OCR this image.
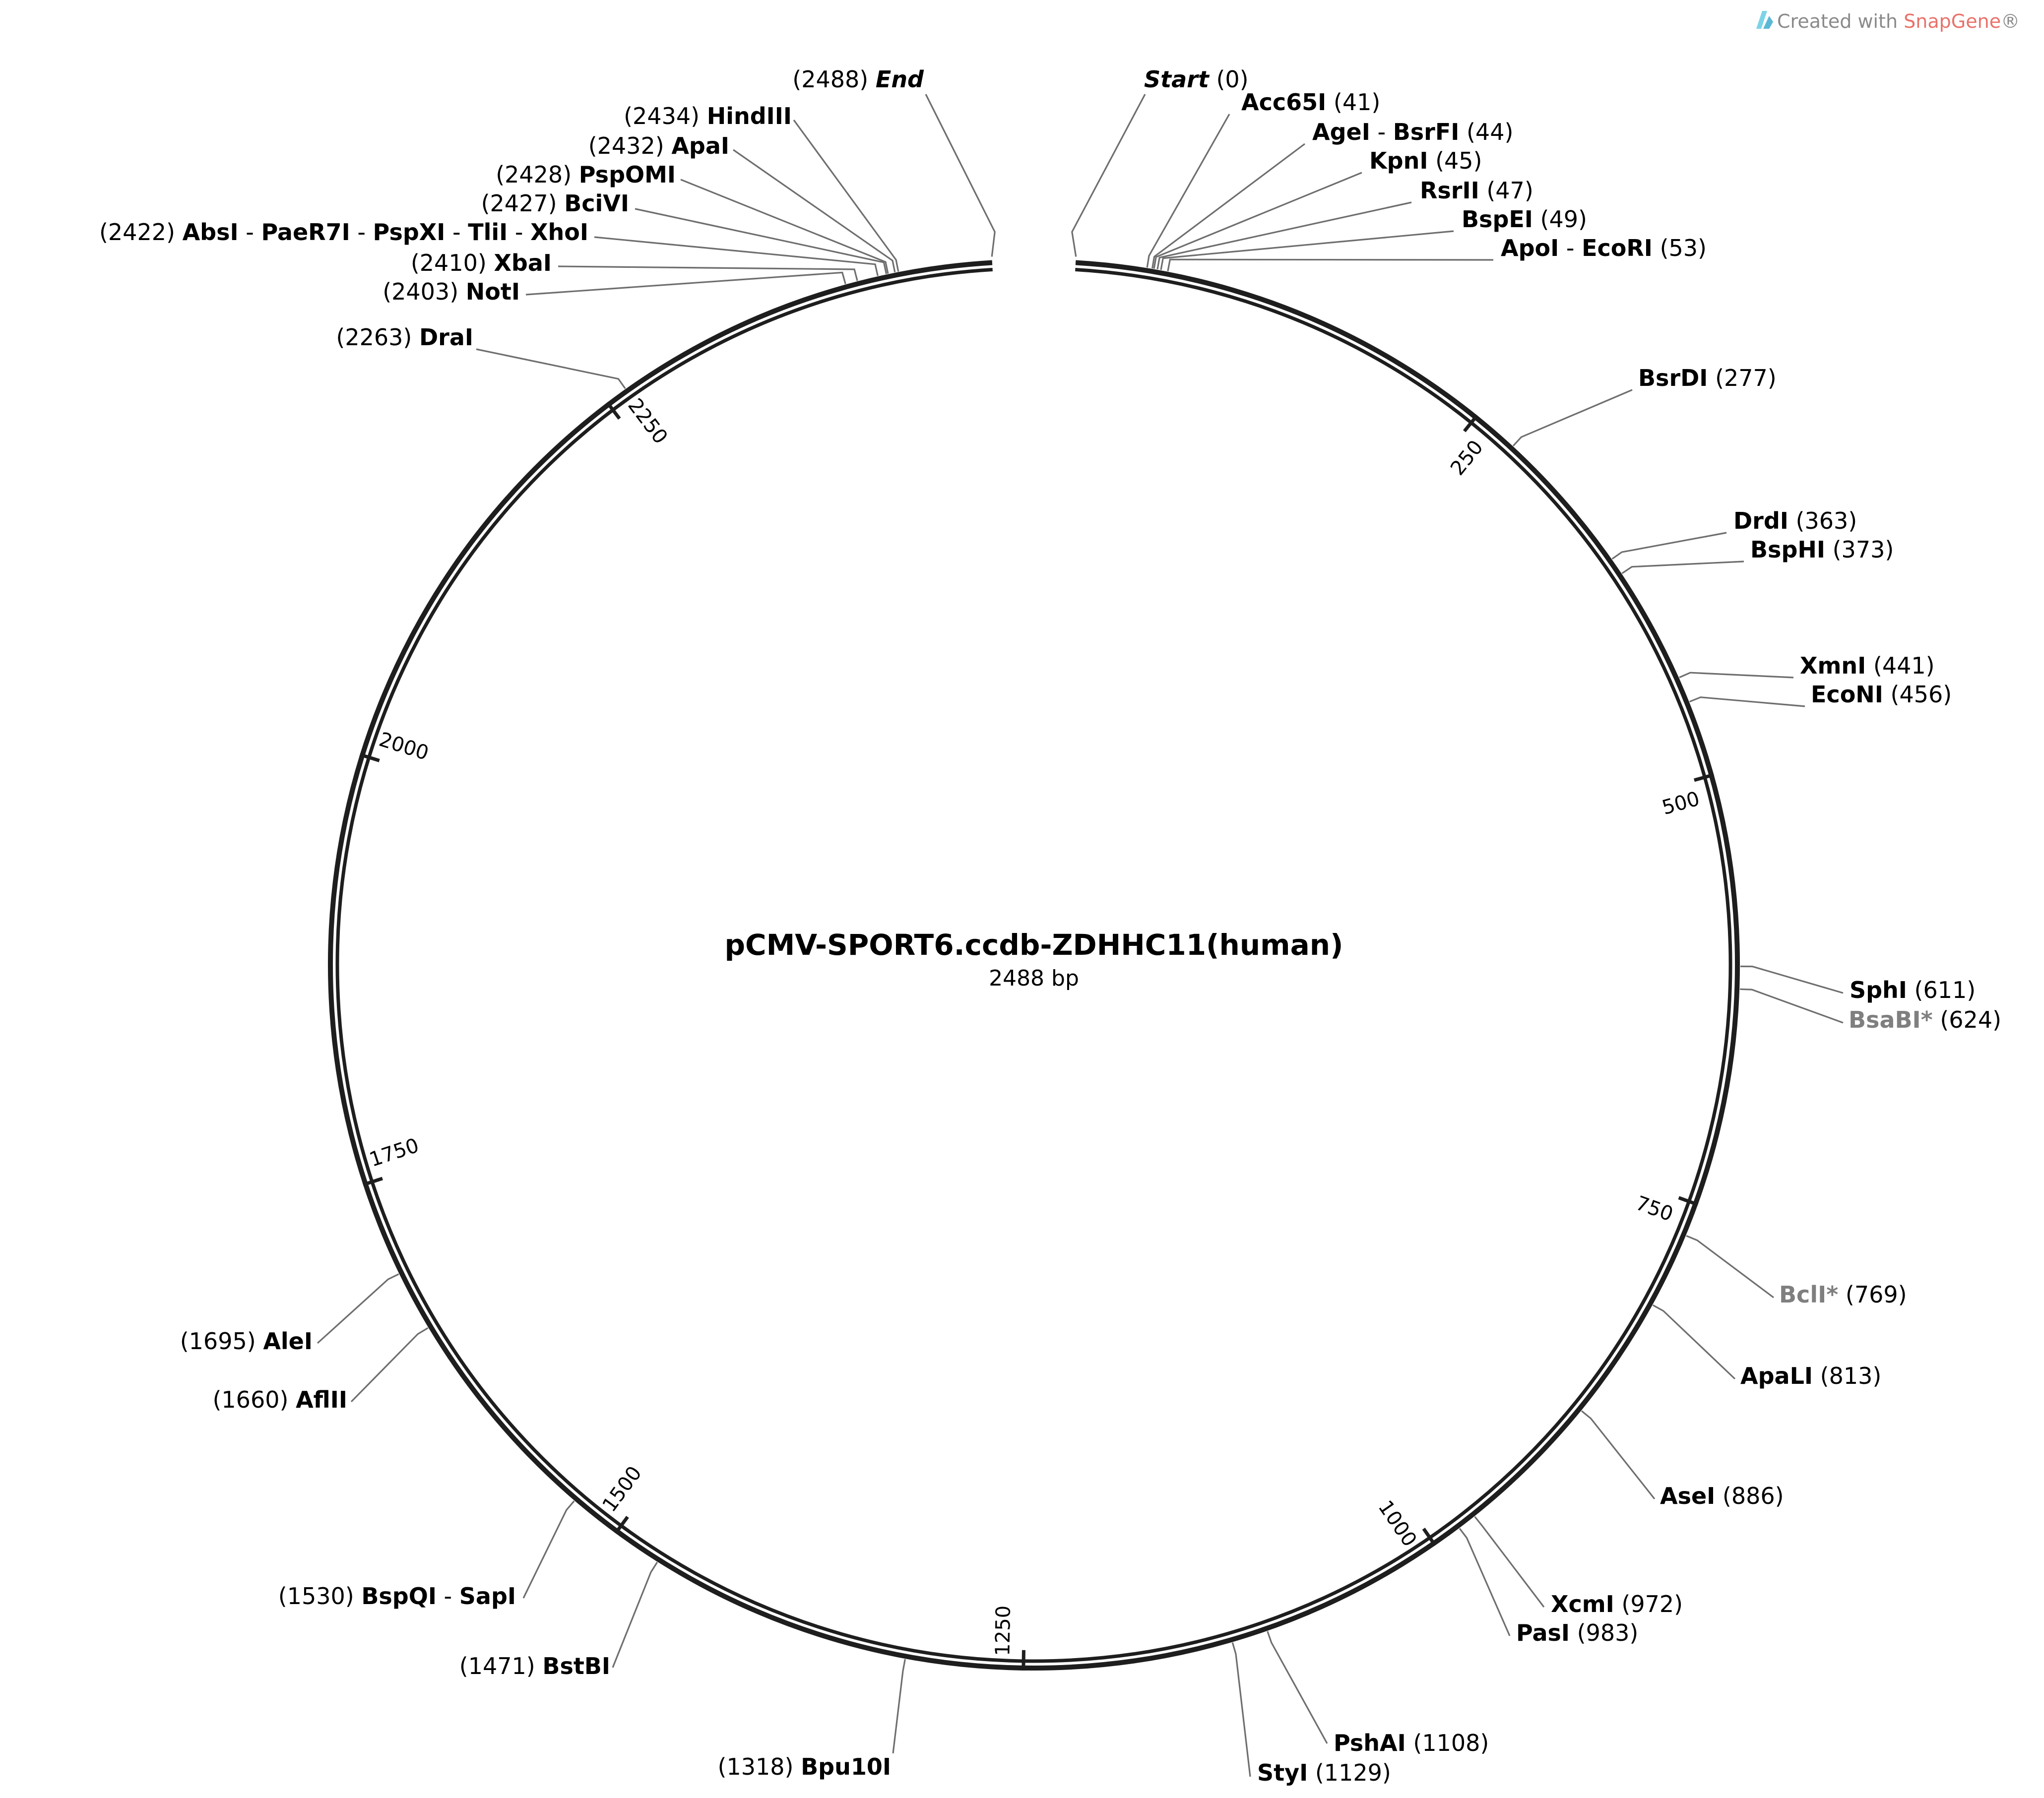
Created with SnapGene®
250
500
750
1000
1250
1500
1750
2000
2250
pCMV-SPORT6.ccdb-ZDHHC11(human)
2488 bp
Acc65I (41)
AgeI - BsrFI (44)
KpnI (45)
RsrII (47)
BspEI (49)
ApoI - EcoRI (53)
BsrDI (277)
DrdI (363)
BspHI (373)
XmnI (441)
EcoNI (456)
SphI (611)
BsaBI* (624)
BclI* (769)
ApaLI (813)
AseI (886)
XcmI (972)
PasI (983)
PshAI (1108)
StyI (1129)
(1318) Bpu10I
(1471) BstBI
(1530) BspQI - SapI
(1660) AflII
(1695) AleI
(2263) DraI
(2403) NotI
(2410) XbaI
(2422) AbsI - PaeR7I - PspXI - TliI - XhoI
(2427) BciVI
(2428) PspOMI
(2432) ApaI
(2434) HindIII
Start (0)
(2488) End
